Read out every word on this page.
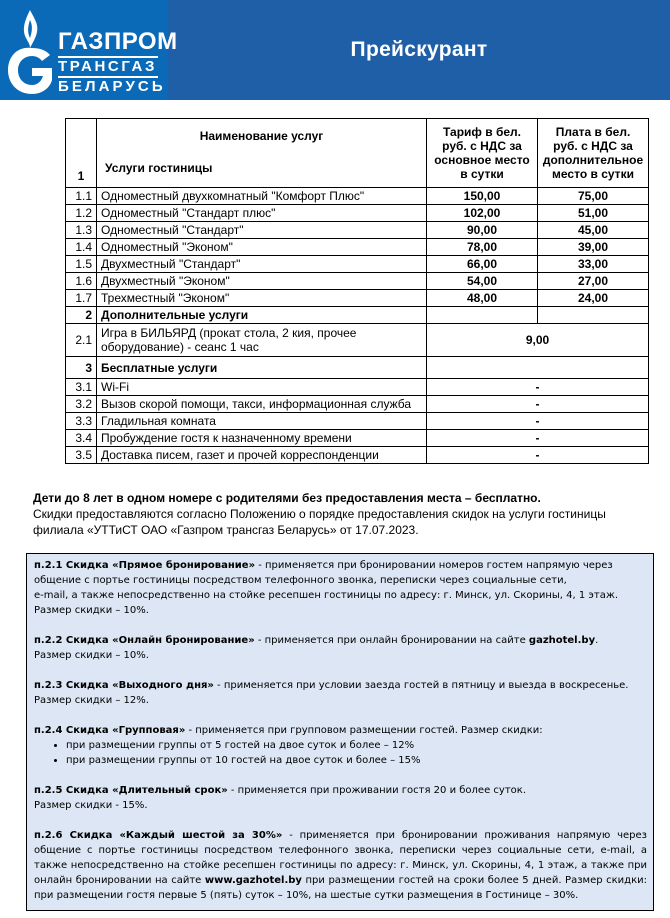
ГАЗПРОМ
ТРАНСГАЗ
БЕЛАРУСЬ
Прейскурант
1	Наименование услуг
Услуги гостиницы	Тариф в бел. руб. с НДС за основное место в сутки	Плата в бел. руб. с НДС за дополнительное место в сутки
1.1	Одноместный двухкомнатный "Комфорт Плюс"	150,00	75,00
1.2	Одноместный "Стандарт плюс"	102,00	51,00
1.3	Одноместный "Стандарт"	90,00	45,00
1.4	Одноместный "Эконом"	78,00	39,00
1.5	Двухместный "Стандарт"	66,00	33,00
1.6	Двухместный "Эконом"	54,00	27,00
1.7	Трехместный "Эконом"	48,00	24,00
2	Дополнительные услуги		
2.1	Игра в БИЛЬЯРД (прокат стола, 2 кия, прочее оборудование) - сеанс 1 час	9,00	
3	Бесплатные услуги		
3.1	Wi-Fi	-	
3.2	Вызов скорой помощи, такси, информационная служба	-	
3.3	Гладильная комната	-	
3.4	Пробуждение гостя к назначенному времени	-	
3.5	Доставка писем, газет и прочей корреспонденции	-	
Дети до 8 лет в одном номере с родителями без предоставления места – бесплатно.
Скидки предоставляются согласно Положению о порядке предоставления скидок на услуги гостиницы филиала «УТТиСТ ОАО «Газпром трансгаз Беларусь» от 17.07.2023.

п.2.1 Скидка «Прямое бронирование» - применяется при бронировании номеров гостем напрямую через

общение с портье гостиницы посредством телефонного звонка, переписки через социальные сети,

e-mail, а также непосредственно на стойке ресепшен гостиницы по адресу: г. Минск, ул. Скорины, 4, 1 этаж.

Размер скидки – 10%.

п.2.2 Скидка «Онлайн бронирование» - применяется при онлайн бронировании на сайте gazhotel.by.

Размер скидки – 10%.

п.2.3 Скидка «Выходного дня» - применяется при условии заезда гостей в пятницу и выезда в воскресенье.

Размер скидки – 12%.

п.2.4 Скидка «Групповая» - применяется при групповом размещении гостей. Размер скидки:

• при размещении группы от 5 гостей на двое суток и более – 12%
• при размещении группы от 10 гостей на двое суток и более – 15%

п.2.5 Скидка «Длительный срок» - применяется при проживании гостя 20 и более суток.

Размер скидки - 15%.

п.2.6 Скидка «Каждый шестой за 30%» - применяется при бронировании проживания напрямую через общение с портье гостиницы посредством телефонного звонка, переписки через социальные сети, e-mail, а также непосредственно на стойке ресепшен гостиницы по адресу: г. Минск, ул. Скорины, 4, 1 этаж, а также при онлайн бронировании на сайте www.gazhotel.by при размещении гостей на сроки более 5 дней. Размер скидки: при размещении гостя первые 5 (пять) суток – 10%, на шестые сутки размещения в Гостинице – 30%.
